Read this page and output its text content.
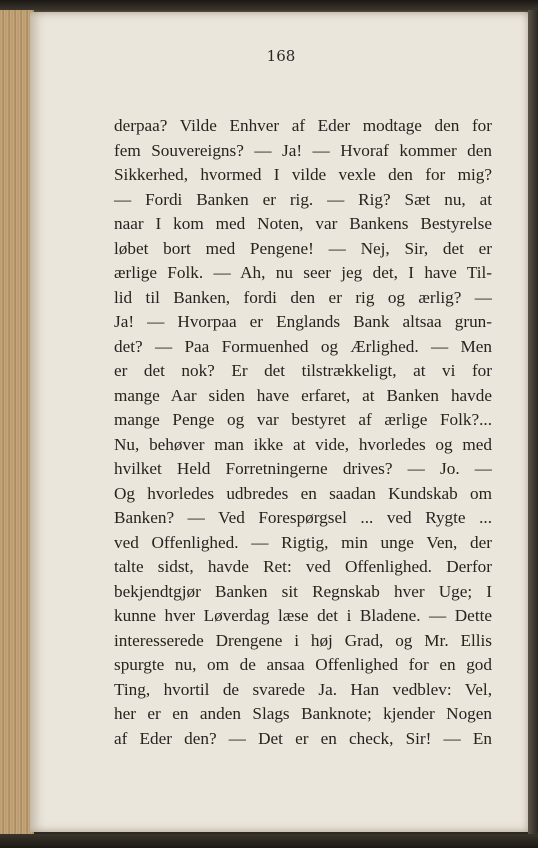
168
derpaa? Vilde Enhver af Eder modtage den for
fem Souvereigns? — Ja! — Hvoraf kommer den
Sikkerhed, hvormed I vilde vexle den for mig?
— Fordi Banken er rig. — Rig? Sæt nu, at
naar I kom med Noten, var Bankens Bestyrelse
løbet bort med Pengene! — Nej, Sir, det er
ærlige Folk. — Ah, nu seer jeg det, I have Til-
lid til Banken, fordi den er rig og ærlig? —
Ja! — Hvorpaa er Englands Bank altsaa grun-
det? — Paa Formuenhed og Ærlighed. — Men
er det nok? Er det tilstrækkeligt, at vi for
mange Aar siden have erfaret, at Banken havde
mange Penge og var bestyret af ærlige Folk?...
Nu, behøver man ikke at vide, hvorledes og med
hvilket Held Forretningerne drives? — Jo. —
Og hvorledes udbredes en saadan Kundskab om
Banken? — Ved Forespørgsel ... ved Rygte ...
ved Offenlighed. — Rigtig, min unge Ven, der
talte sidst, havde Ret: ved Offenlighed. Derfor
bekjendtgjør Banken sit Regnskab hver Uge; I
kunne hver Løverdag læse det i Bladene. — Dette
interesserede Drengene i høj Grad, og Mr. Ellis
spurgte nu, om de ansaa Offenlighed for en god
Ting, hvortil de svarede Ja. Han vedblev: Vel,
her er en anden Slags Banknote; kjender Nogen
af Eder den? — Det er en check, Sir! — En
